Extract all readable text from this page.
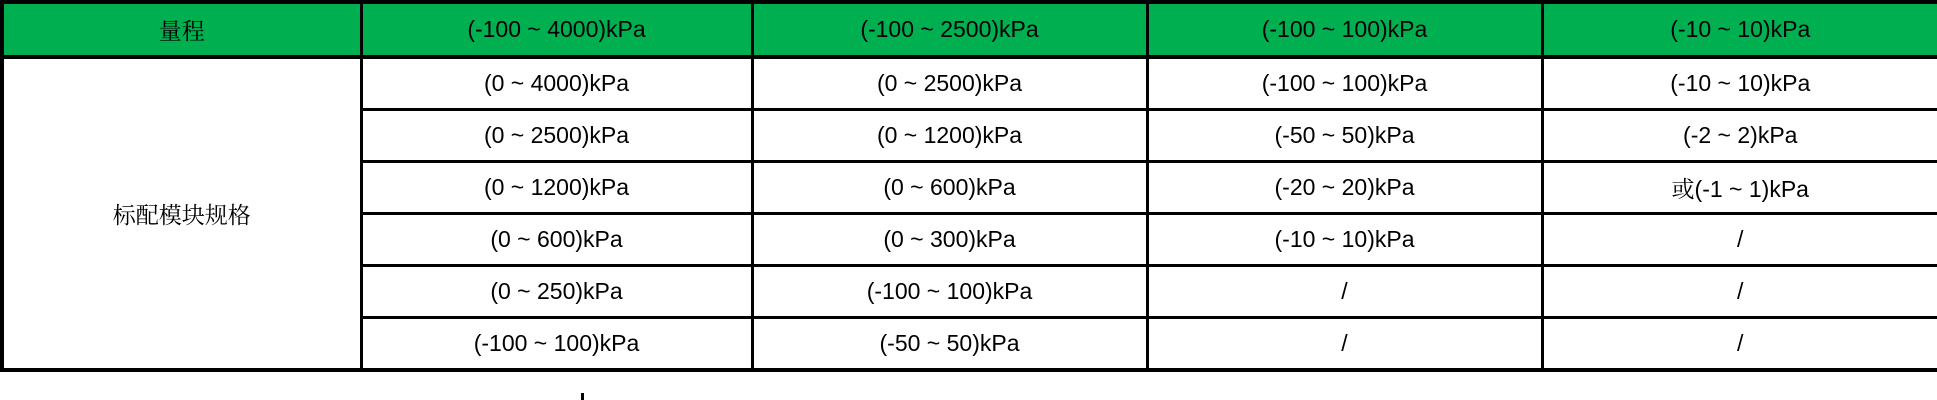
量程	(-100 ~ 4000)kPa	(-100 ~ 2500)kPa	(-100 ~ 100)kPa	(-10 ~ 10)kPa
标配模块规格	(0 ~ 4000)kPa	(0 ~ 2500)kPa	(-100 ~ 100)kPa	(-10 ~ 10)kPa
	(0 ~ 2500)kPa	(0 ~ 1200)kPa	(-50 ~ 50)kPa	(-2 ~ 2)kPa
	(0 ~ 1200)kPa	(0 ~ 600)kPa	(-20 ~ 20)kPa	或(-1 ~ 1)kPa
	(0 ~ 600)kPa	(0 ~ 300)kPa	(-10 ~ 10)kPa	/
	(0 ~ 250)kPa	(-100 ~ 100)kPa	/	/
	(-100 ~ 100)kPa	(-50 ~ 50)kPa	/	/
